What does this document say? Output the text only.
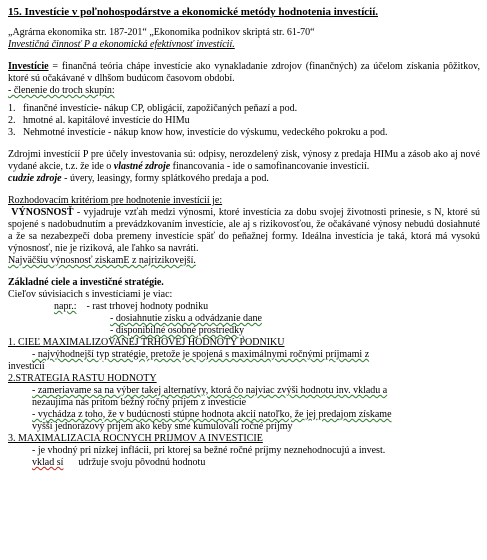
15. Investície v poľnohospodárstve a ekonomické metódy hodnotenia investícií.

„Agrárna ekonomika str. 187-201“ „Ekonomika podnikov skriptá str. 61-70“

Investičná činnosť P a ekonomická efektívnosť investícií.

Investície = finančná teória chápe investície ako vynakladanie zdrojov (finančných) za účelom získania pôžitkov, ktoré sú očakávané v dlhšom budúcom časovom období.

- členenie do troch skupín:

1. finančné investície- nákup CP, obligácií, zapožičaných peňazí a pod.

2. hmotné al. kapitálové investície do HIMu

3. Nehmotné investície - nákup know how, investície do výskumu, vedeckého pokroku a pod.

Zdrojmi investícií P pre účely investovania sú: odpisy, nerozdelený zisk, výnosy z predaja HIMu a zásob ako aj nové vydané akcie, t.z. že ide o vlastné zdroje financovania - ide o samofinancovanie investícií.

cudzie zdroje - úvery, leasingy, formy splátkového predaja a pod.

Rozhodovacím kritériom pre hodnotenie investícií je:

VÝNOSNOSŤ - vyjadruje vzťah medzi výnosmi, ktoré investícia za dobu svojej životnosti prinesie, s N, ktoré sú spojené s nadobudnutím a prevádzkovaním investície, ale aj s rizikovosťou, že očakávané výnosy nebudú dosiahnuté a že sa nezabezpečí doba premeny investície späť do peňažnej formy. Ideálna investícia je taká, ktorá má vysokú výnosnosť, nie je riziková, ale ľahko sa navráti.

Najväčšiu výnosnosť ziskamE z najrizikovejší.

Základné ciele a investičné stratégie.

Cieľov súvisiacich s investíciami je viac:

napr.: - rast trhovej hodnoty podniku

- dosiahnutie zisku a odvádzanie dane

- disponibilné osobné prostriedky

1. CIEĽ MAXIMALIZOVANEJ TRHOVEJ HODNOTY PODNIKU

- najvýhodnejší typ stratégie, pretože je spojená s maximálnymi ročnými príjmami z

investícií

2.STRATEGIA RASTU HODNOTY

- zameriavame sa na výber takej alternatívy, ktorá čo najviac zvýši hodnotu inv. vkladu a

nezaujíma nás pritom bežný ročný príjem z investície

- vychádza z toho, že v budúcnosti stúpne hodnota akcií natoľko, že jej predajom získame

vyšší jednorázový príjem ako keby sme kumulovali ročné príjmy

3. MAXIMALIZACIA ROCNYCH PRIJMOV A INVESTICIE

- je vhodný pri nízkej inflácii, pri ktorej sa bežné ročné príjmy neznehodnocujú a invest.

vklad sí udržuje svoju pôvodnú hodnotu
